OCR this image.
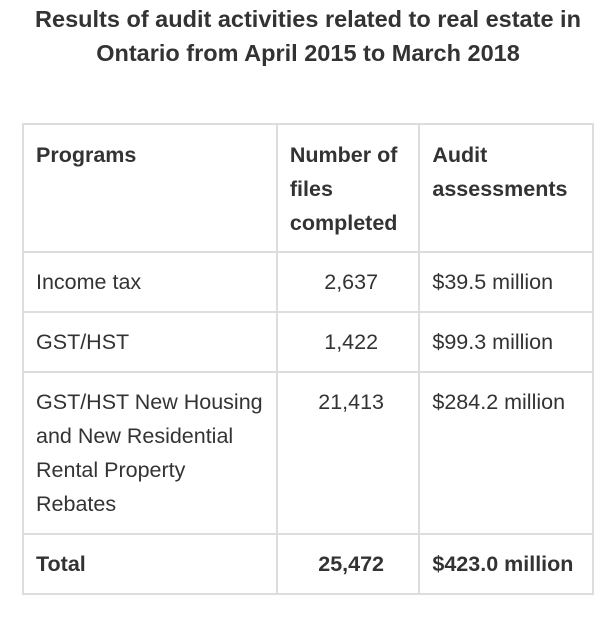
Results of audit activities related to real estate in Ontario from April 2015 to March 2018
Programs	Number of files completed	Audit assessments
Income tax	2,637	$39.5 million
GST/HST	1,422	$99.3 million
GST/HST New Housing and New Residential Rental Property Rebates	21,413	$284.2 million
Total	25,472	$423.0 million
